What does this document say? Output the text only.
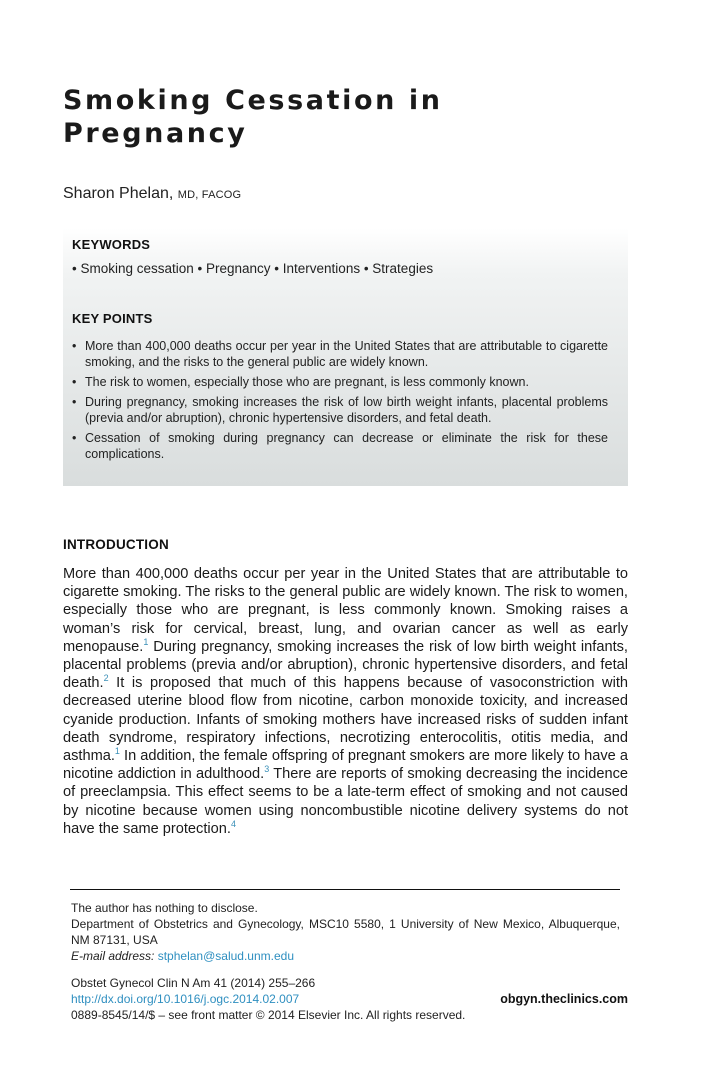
Smoking Cessation in Pregnancy
Sharon Phelan, MD, FACOG
KEYWORDS
• Smoking cessation • Pregnancy • Interventions • Strategies
KEY POINTS
• More than 400,000 deaths occur per year in the United States that are attributable to cigarette smoking, and the risks to the general public are widely known.
• The risk to women, especially those who are pregnant, is less commonly known.
• During pregnancy, smoking increases the risk of low birth weight infants, placental problems (previa and/or abruption), chronic hypertensive disorders, and fetal death.
• Cessation of smoking during pregnancy can decrease or eliminate the risk for these complications.
INTRODUCTION

More than 400,000 deaths occur per year in the United States that are attributable to cigarette smoking. The risks to the general public are widely known. The risk to women, especially those who are pregnant, is less commonly known. Smoking raises a woman’s risk for cervical, breast, lung, and ovarian cancer as well as early menopause.$^1$ During pregnancy, smoking increases the risk of low birth weight infants, placental problems (previa and/or abruption), chronic hypertensive disorders, and fetal death.$^2$ It is proposed that much of this happens because of vasoconstriction with decreased uterine blood flow from nicotine, carbon monoxide toxicity, and increased cyanide production. Infants of smoking mothers have increased risks of sudden infant death syndrome, respiratory infections, necrotizing enterocolitis, otitis media, and asthma.$^1$ In addition, the female offspring of pregnant smokers are more likely to have a nicotine addiction in adulthood.$^3$ There are reports of smoking decreasing the incidence of preeclampsia. This effect seems to be a late-term effect of smoking and not caused by nicotine because women using noncombustible nicotine delivery systems do not have the same protection.$^4$

The author has nothing to disclose.

Department of Obstetrics and Gynecology, MSC10 5580, 1 University of New Mexico, Albuquerque, NM 87131, USA

E-mail address: stphelan@salud.unm.edu

Obstet Gynecol Clin N Am 41 (2014) 255–266

http://dx.doi.org/10.1016/j.ogc.2014.02.007	obgyn.theclinics.com

0889-8545/14/$ – see front matter © 2014 Elsevier Inc. All rights reserved.
